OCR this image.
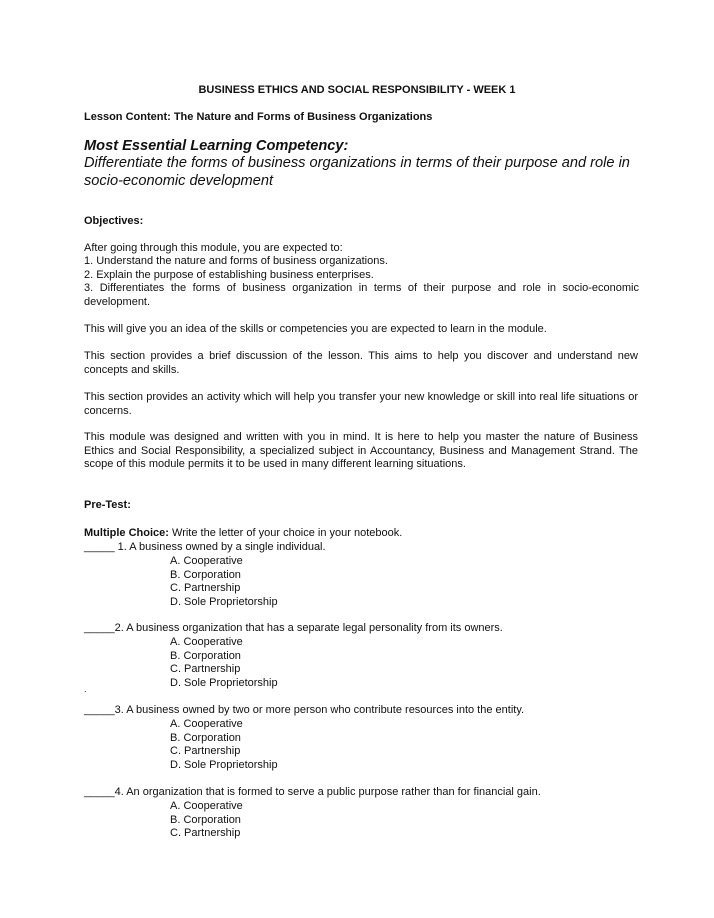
BUSINESS ETHICS AND SOCIAL RESPONSIBILITY - WEEK 1
Lesson Content: The Nature and Forms of Business Organizations
Most Essential Learning Competency:
Differentiate the forms of business organizations in terms of their purpose and role in socio-economic development
Objectives:
After going through this module, you are expected to:
1. Understand the nature and forms of business organizations.
2. Explain the purpose of establishing business enterprises.
3. Differentiates the forms of business organization in terms of their purpose and role in socio-economic development.
This will give you an idea of the skills or competencies you are expected to learn in the module.
This section provides a brief discussion of the lesson. This aims to help you discover and understand new concepts and skills.
This section provides an activity which will help you transfer your new knowledge or skill into real life situations or concerns.
This module was designed and written with you in mind. It is here to help you master the nature of Business Ethics and Social Responsibility, a specialized subject in Accountancy, Business and Management Strand. The scope of this module permits it to be used in many different learning situations.
Pre-Test:
Multiple Choice: Write the letter of your choice in your notebook.
_____ 1. A business owned by a single individual.
A. Cooperative
B. Corporation
C. Partnership
D. Sole Proprietorship
_____2. A business organization that has a separate legal personality from its owners.
A. Cooperative
B. Corporation
C. Partnership
D. Sole Proprietorship
.
_____3. A business owned by two or more person who contribute resources into the entity.
A. Cooperative
B. Corporation
C. Partnership
D. Sole Proprietorship
_____4. An organization that is formed to serve a public purpose rather than for financial gain.
A. Cooperative
B. Corporation
C. Partnership
